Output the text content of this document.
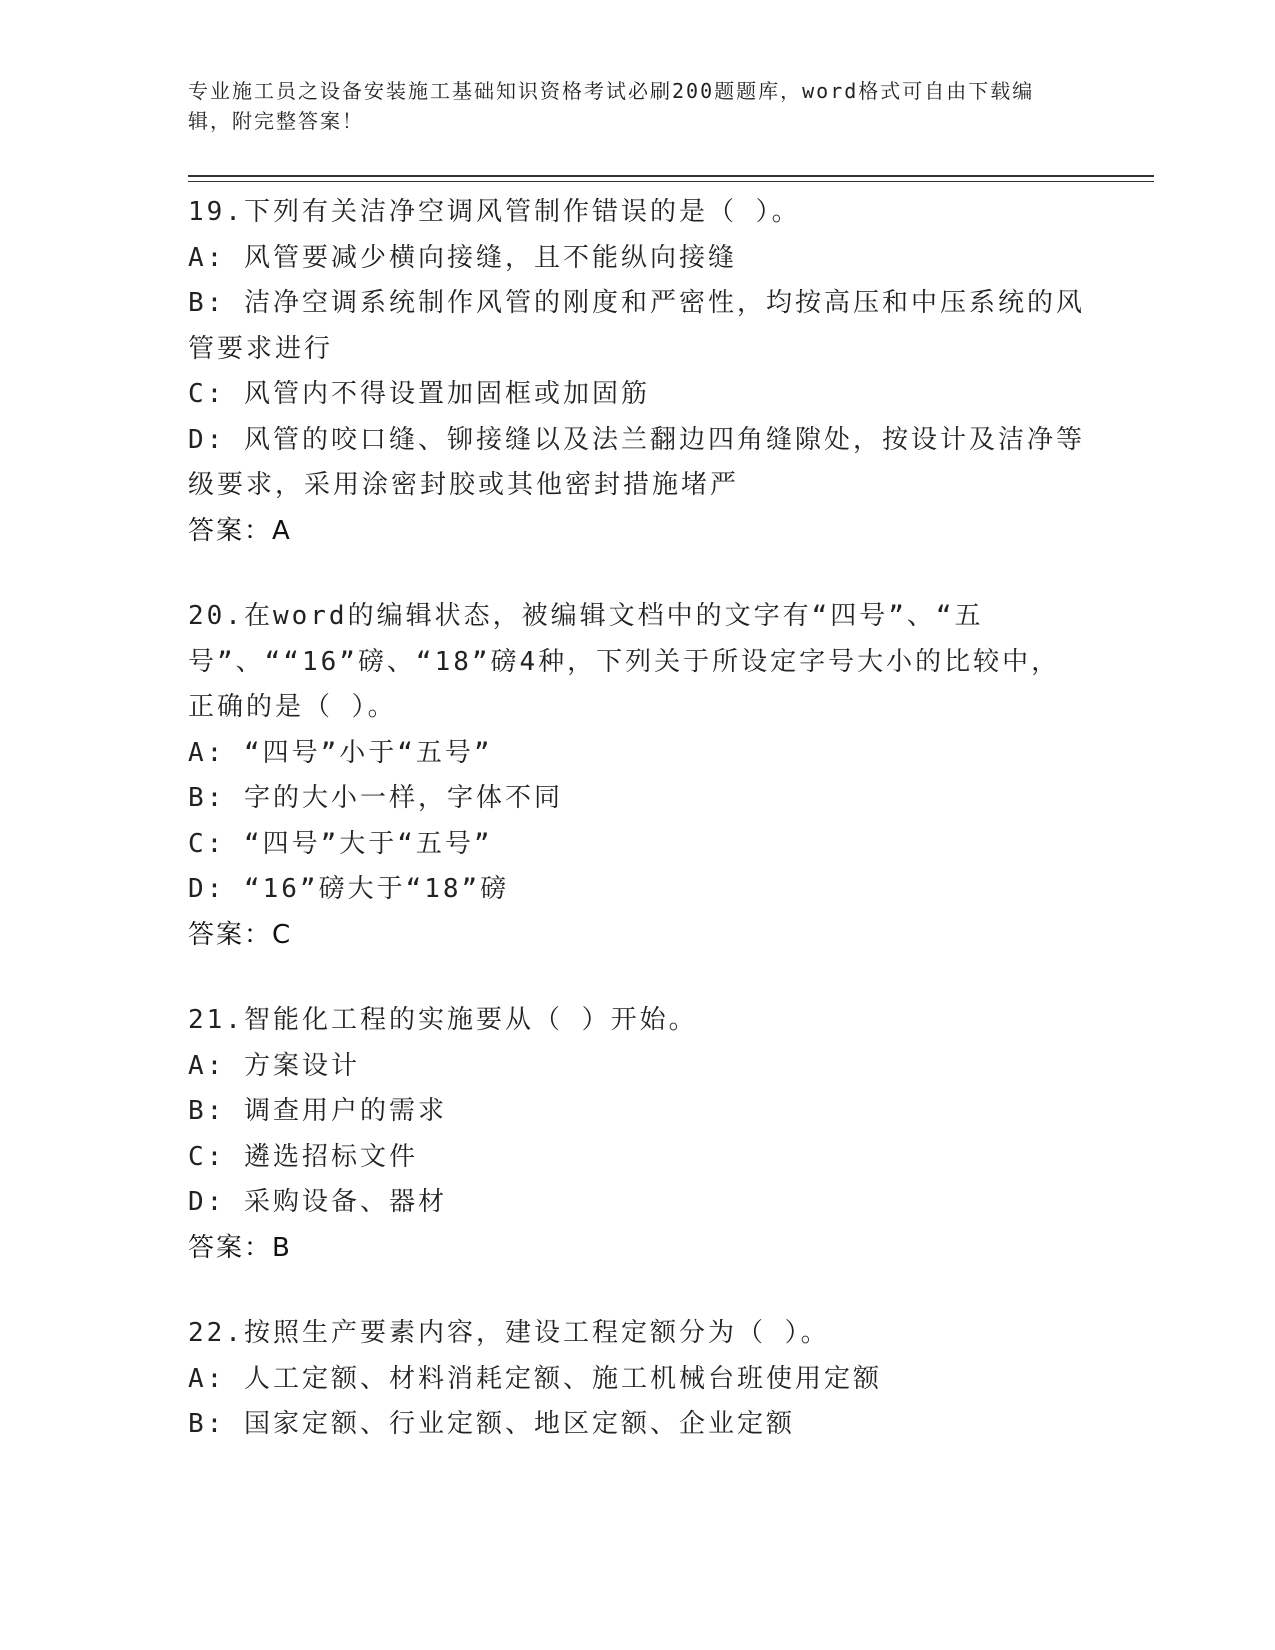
专业施工员之设备安装施工基础知识资格考试必刷200题题库，word格式可自由下载编辑，附完整答案！
19.下列有关洁净空调风管制作错误的是（ ）。
A: 风管要减少横向接缝，且不能纵向接缝
B: 洁净空调系统制作风管的刚度和严密性，均按高压和中压系统的风管要求进行
C: 风管内不得设置加固框或加固筋
D: 风管的咬口缝、铆接缝以及法兰翻边四角缝隙处，按设计及洁净等级要求，采用涂密封胶或其他密封措施堵严
答案：A
20.在word的编辑状态，被编辑文档中的文字有“四号”、“五号”、““16”磅、“18”磅4种，下列关于所设定字号大小的比较中，正确的是（ ）。
A: “四号”小于“五号”
B: 字的大小一样，字体不同
C: “四号”大于“五号”
D: “16”磅大于“18”磅
答案：C
21.智能化工程的实施要从（ ）开始。
A: 方案设计
B: 调查用户的需求
C: 遴选招标文件
D: 采购设备、器材
答案：B
22.按照生产要素内容，建设工程定额分为（ ）。
A: 人工定额、材料消耗定额、施工机械台班使用定额
B: 国家定额、行业定额、地区定额、企业定额
